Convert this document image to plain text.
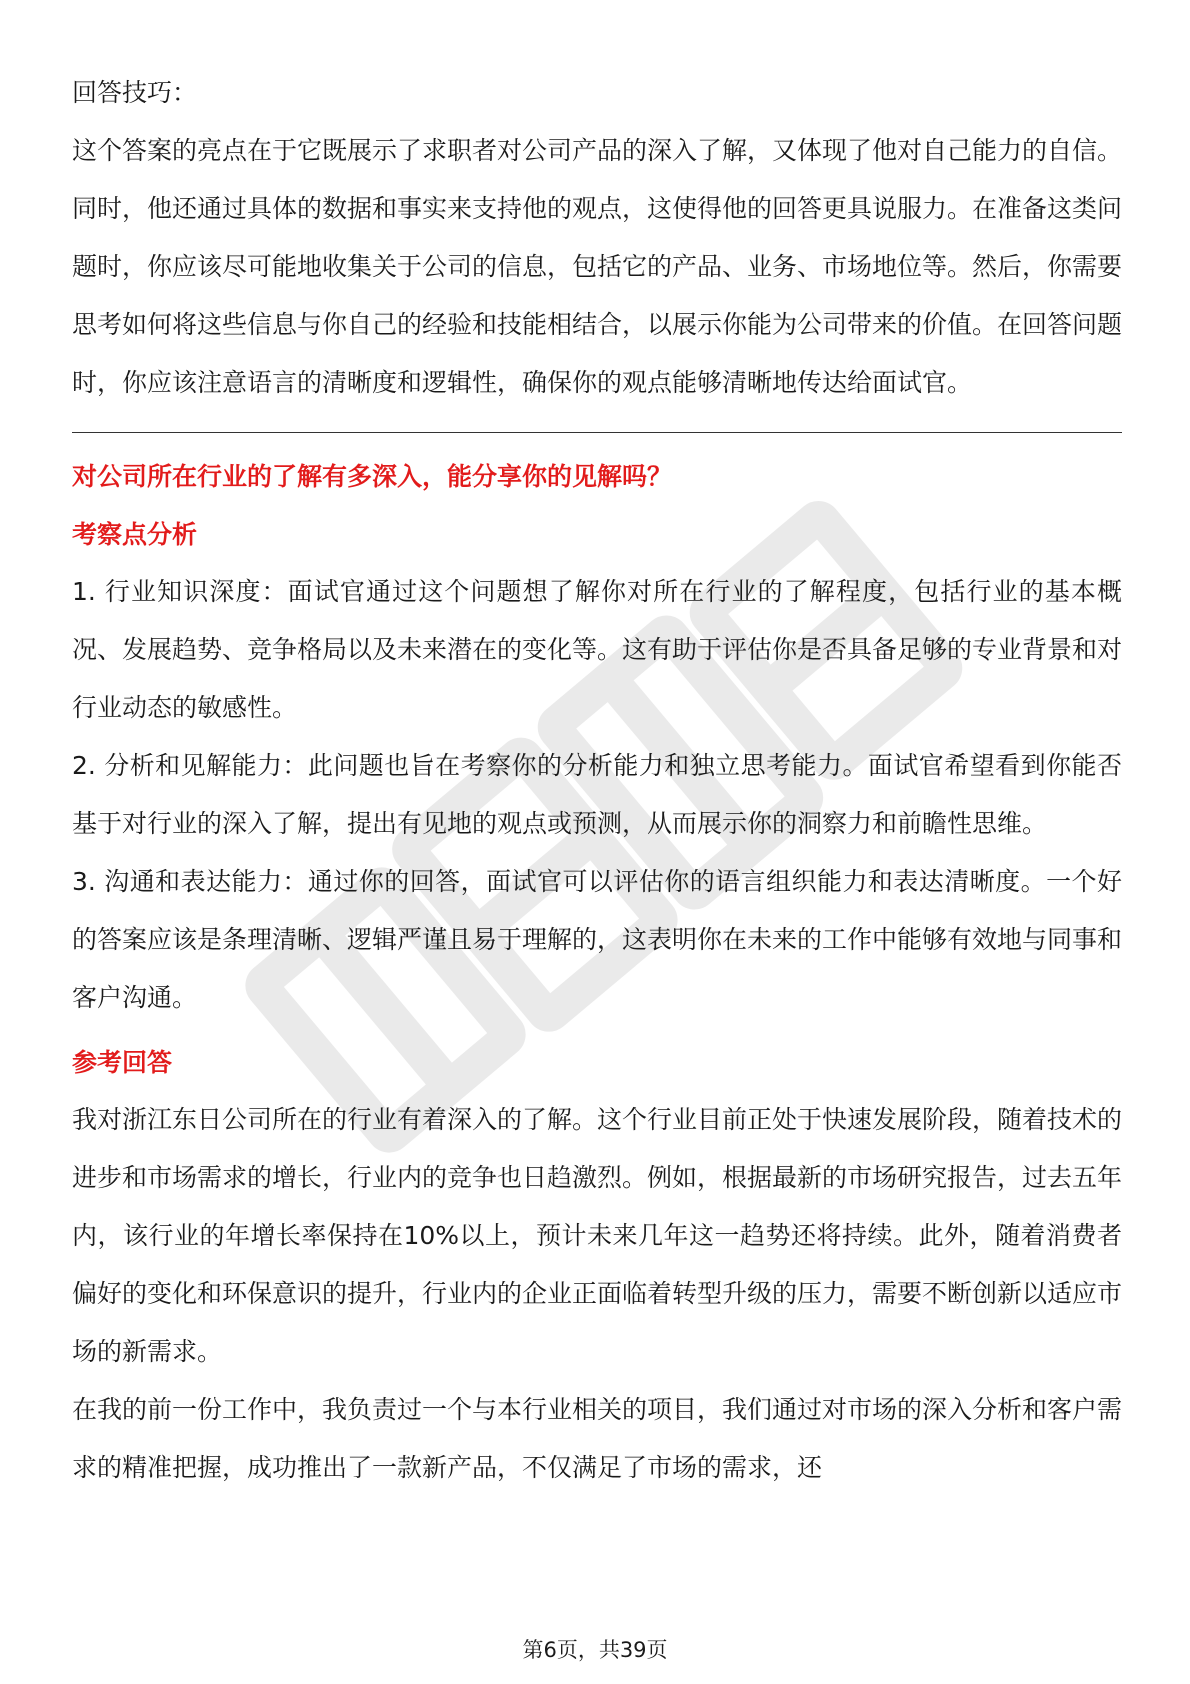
回答技巧：

这个答案的亮点在于它既展示了求职者对公司产品的深入了解，又体现了他对自己能力的自信。同时，他还通过具体的数据和事实来支持他的观点，这使得他的回答更具说服力。在准备这类问题时，你应该尽可能地收集关于公司的信息，包括它的产品、业务、市场地位等。然后，你需要思考如何将这些信息与你自己的经验和技能相结合，以展示你能为公司带来的价值。在回答问题时，你应该注意语言的清晰度和逻辑性，确保你的观点能够清晰地传达给面试官。

对公司所在行业的了解有多深入，能分享你的见解吗？

考察点分析

1. 行业知识深度：面试官通过这个问题想了解你对所在行业的了解程度，包括行业的基本概况、发展趋势、竞争格局以及未来潜在的变化等。这有助于评估你是否具备足够的专业背景和对行业动态的敏感性。

2. 分析和见解能力：此问题也旨在考察你的分析能力和独立思考能力。面试官希望看到你能否基于对行业的深入了解，提出有见地的观点或预测，从而展示你的洞察力和前瞻性思维。

3. 沟通和表达能力：通过你的回答，面试官可以评估你的语言组织能力和表达清晰度。一个好的答案应该是条理清晰、逻辑严谨且易于理解的，这表明你在未来的工作中能够有效地与同事和客户沟通。

参考回答

我对浙江东日公司所在的行业有着深入的了解。这个行业目前正处于快速发展阶段，随着技术的进步和市场需求的增长，行业内的竞争也日趋激烈。例如，根据最新的市场研究报告，过去五年内，该行业的年增长率保持在10%以上，预计未来几年这一趋势还将持续。此外，随着消费者偏好的变化和环保意识的提升，行业内的企业正面临着转型升级的压力，需要不断创新以适应市场的新需求。

在我的前一份工作中，我负责过一个与本行业相关的项目，我们通过对市场的深入分析和客户需求的精准把握，成功推出了一款新产品，不仅满足了市场的需求，还

第6页，共39页
